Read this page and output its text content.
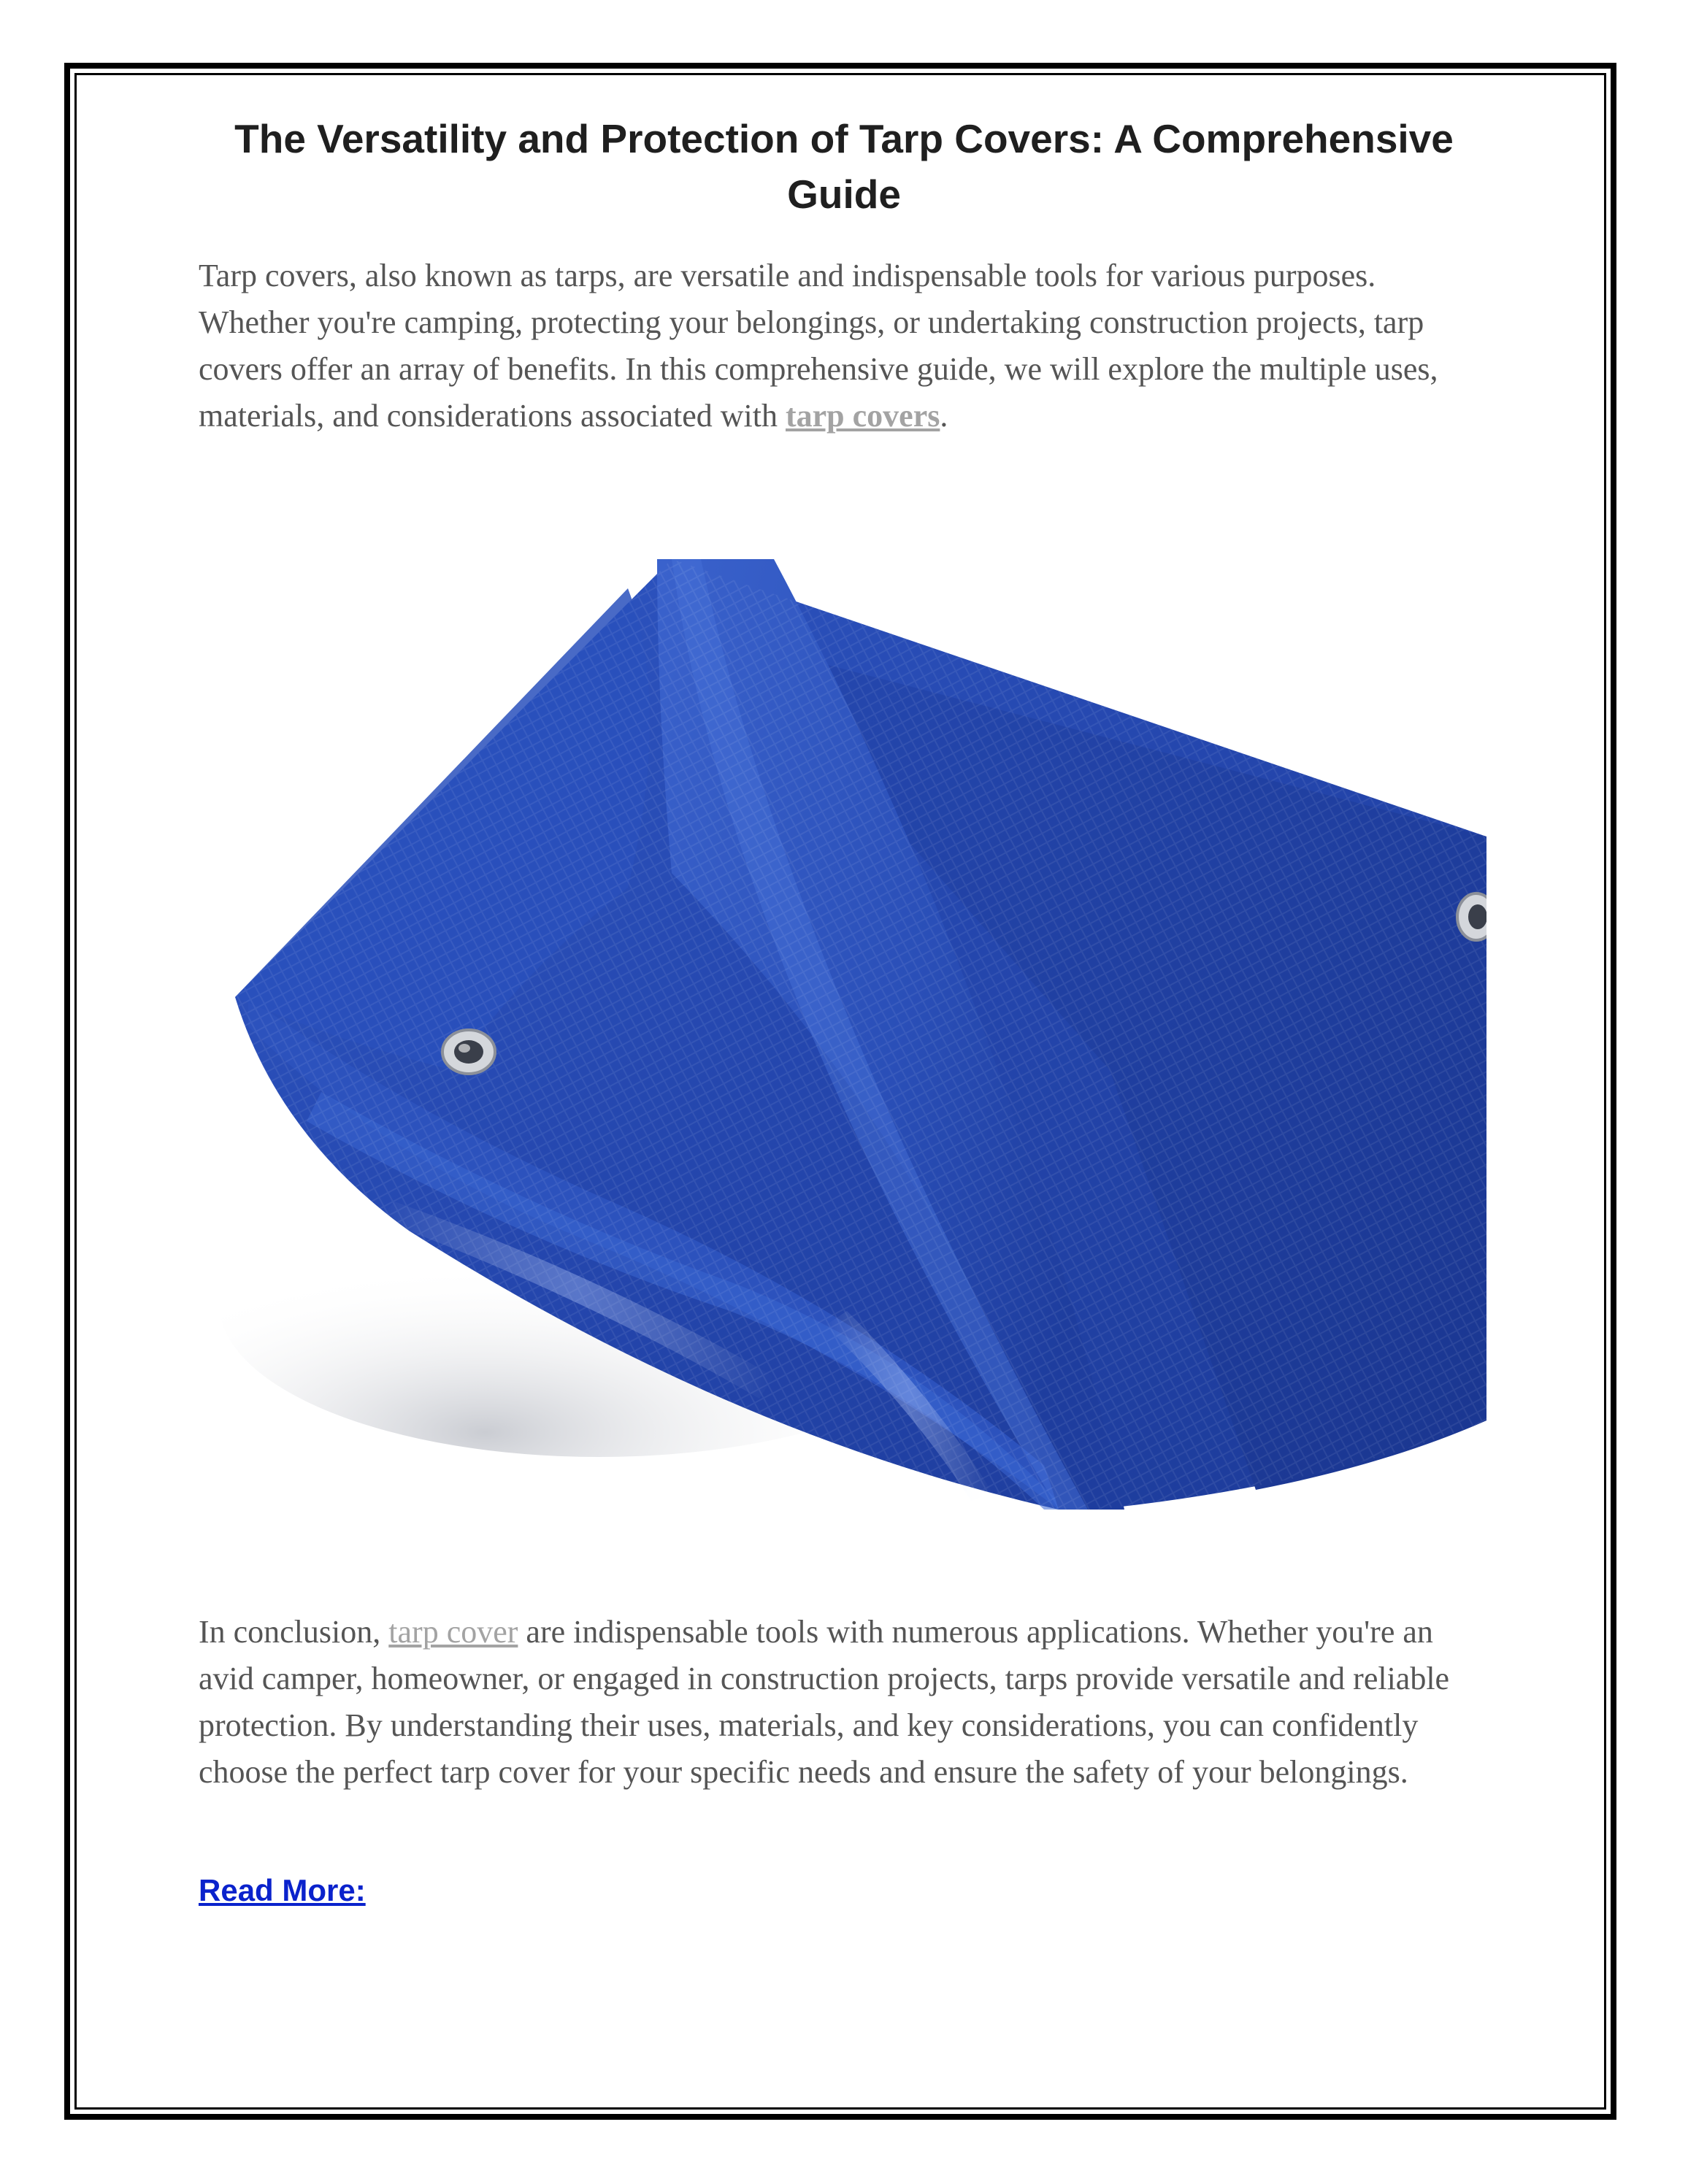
The Versatility and Protection of Tarp Covers: A Comprehensive Guide

Tarp covers, also known as tarps, are versatile and indispensable tools for various purposes. Whether you're camping, protecting your belongings, or undertaking construction projects, tarp covers offer an array of benefits. In this comprehensive guide, we will explore the multiple uses, materials, and considerations associated with tarp covers.

In conclusion, tarp cover are indispensable tools with numerous applications. Whether you're an avid camper, homeowner, or engaged in construction projects, tarps provide versatile and reliable protection. By understanding their uses, materials, and key considerations, you can confidently choose the perfect tarp cover for your specific needs and ensure the safety of your belongings.

Read More:
